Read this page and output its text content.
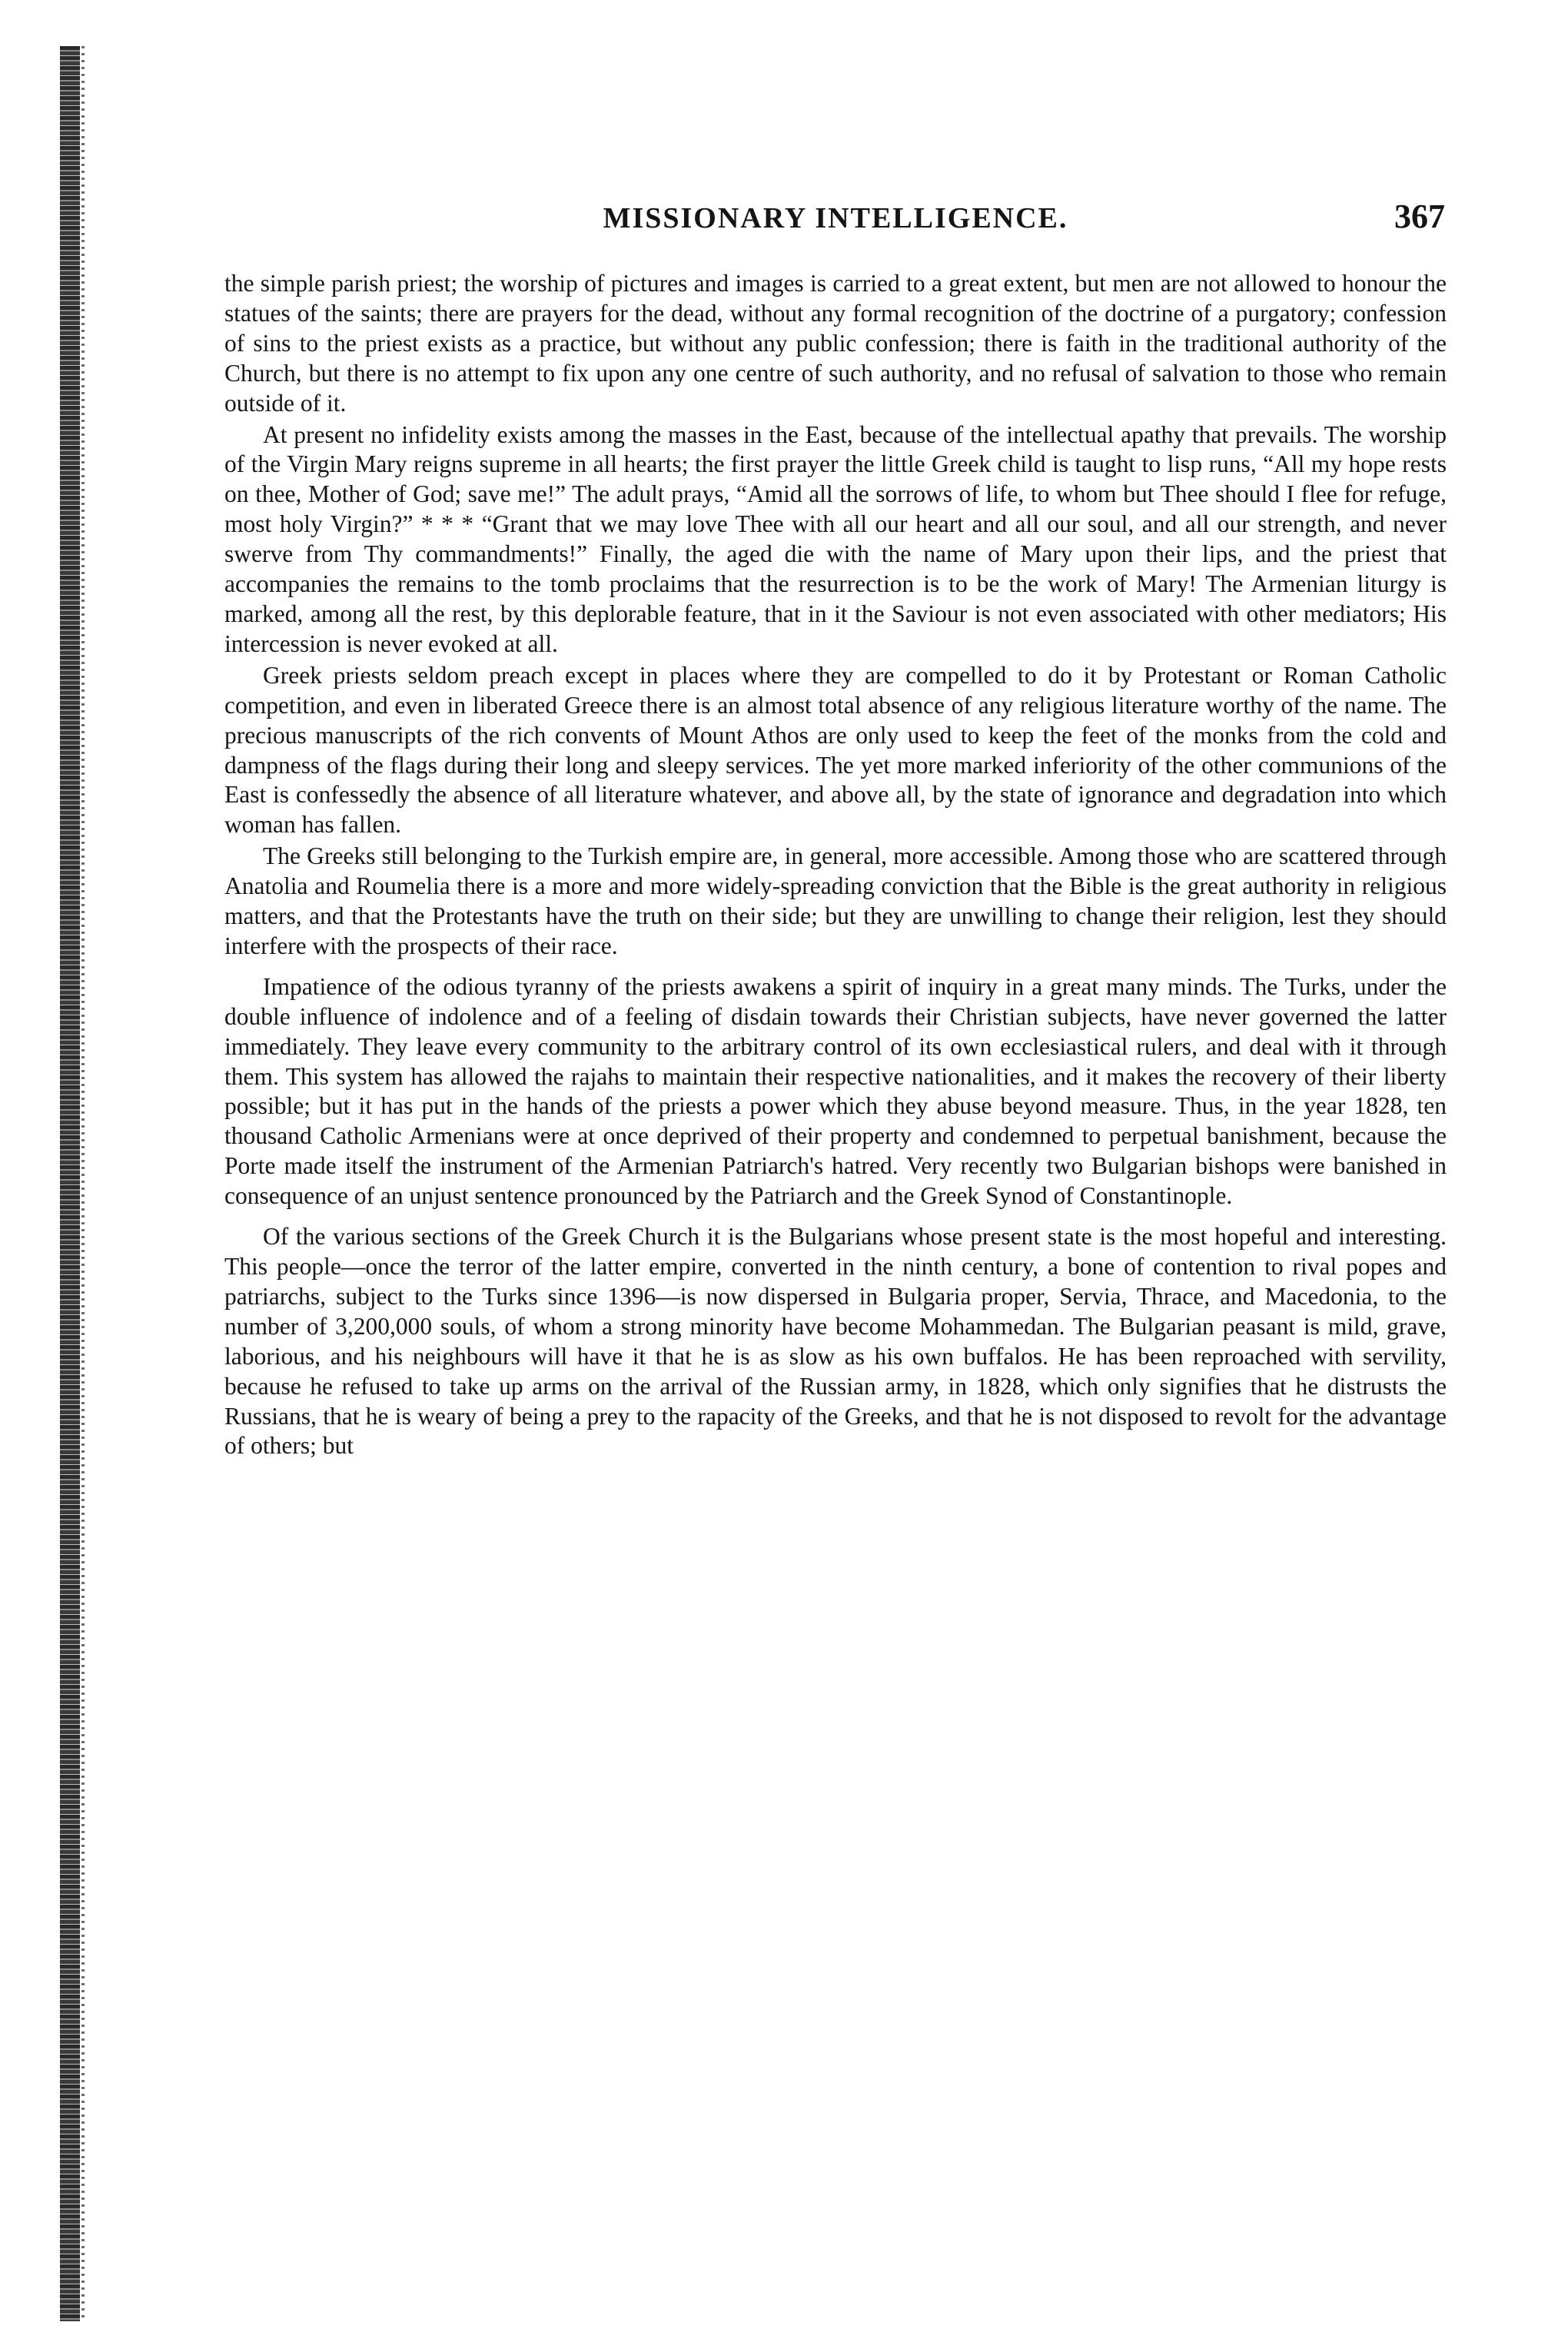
MISSIONARY INTELLIGENCE.	367

the simple parish priest; the worship of pictures and images is carried to a great extent, but men are not allowed to honour the statues of the saints; there are prayers for the dead, without any formal recognition of the doctrine of a purgatory; confession of sins to the priest exists as a practice, but without any public confession; there is faith in the traditional authority of the Church, but there is no attempt to fix upon any one centre of such authority, and no refusal of salvation to those who remain outside of it.

At present no infidelity exists among the masses in the East, because of the intellectual apathy that prevails. The worship of the Virgin Mary reigns supreme in all hearts; the first prayer the little Greek child is taught to lisp runs, “All my hope rests on thee, Mother of God; save me!” The adult prays, “Amid all the sorrows of life, to whom but Thee should I flee for refuge, most holy Virgin?” * * * “Grant that we may love Thee with all our heart and all our soul, and all our strength, and never swerve from Thy commandments!” Finally, the aged die with the name of Mary upon their lips, and the priest that accompanies the remains to the tomb proclaims that the resurrection is to be the work of Mary! The Armenian liturgy is marked, among all the rest, by this deplorable feature, that in it the Saviour is not even associated with other mediators; His intercession is never evoked at all.

Greek priests seldom preach except in places where they are compelled to do it by Protestant or Roman Catholic competition, and even in liberated Greece there is an almost total absence of any religious literature worthy of the name. The precious manuscripts of the rich convents of Mount Athos are only used to keep the feet of the monks from the cold and dampness of the flags during their long and sleepy services. The yet more marked inferiority of the other communions of the East is confessedly the absence of all literature whatever, and above all, by the state of ignorance and degradation into which woman has fallen.

The Greeks still belonging to the Turkish empire are, in general, more accessible. Among those who are scattered through Anatolia and Roumelia there is a more and more widely-spreading conviction that the Bible is the great authority in religious matters, and that the Protestants have the truth on their side; but they are unwilling to change their religion, lest they should interfere with the prospects of their race.

Impatience of the odious tyranny of the priests awakens a spirit of inquiry in a great many minds. The Turks, under the double influence of indolence and of a feeling of disdain towards their Christian subjects, have never governed the latter immediately. They leave every community to the arbitrary control of its own ecclesiastical rulers, and deal with it through them. This system has allowed the rajahs to maintain their respective nationalities, and it makes the recovery of their liberty possible; but it has put in the hands of the priests a power which they abuse beyond measure. Thus, in the year 1828, ten thousand Catholic Armenians were at once deprived of their property and condemned to perpetual banishment, because the Porte made itself the instrument of the Armenian Patriarch's hatred. Very recently two Bulgarian bishops were banished in consequence of an unjust sentence pronounced by the Patriarch and the Greek Synod of Constantinople.

Of the various sections of the Greek Church it is the Bulgarians whose present state is the most hopeful and interesting. This people—once the terror of the latter empire, converted in the ninth century, a bone of contention to rival popes and patriarchs, subject to the Turks since 1396—is now dispersed in Bulgaria proper, Servia, Thrace, and Macedonia, to the number of 3,200,000 souls, of whom a strong minority have become Mohammedan. The Bulgarian peasant is mild, grave, laborious, and his neighbours will have it that he is as slow as his own buffalos. He has been reproached with servility, because he refused to take up arms on the arrival of the Russian army, in 1828, which only signifies that he distrusts the Russians, that he is weary of being a prey to the rapacity of the Greeks, and that he is not disposed to revolt for the advantage of others; but
